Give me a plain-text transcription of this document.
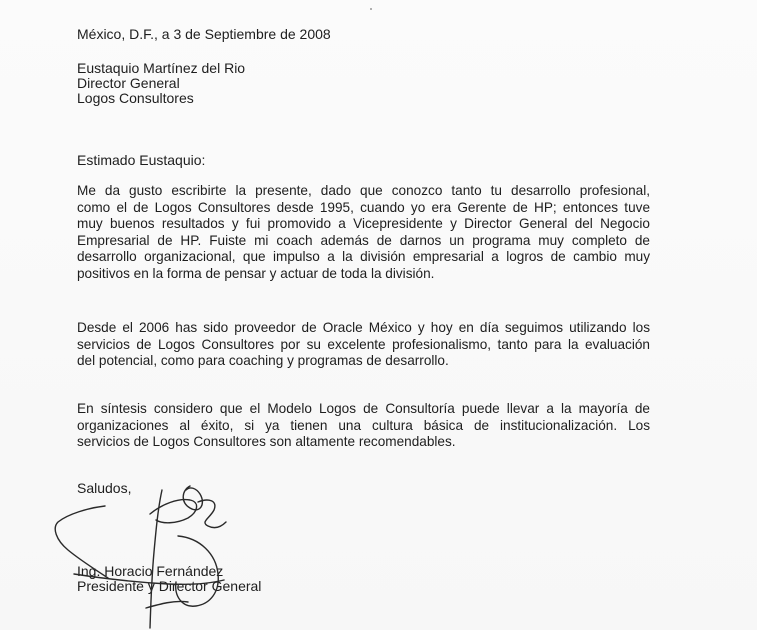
México, D.F., a 3 de Septiembre de 2008

Eustaquio Martínez del Rio

Director General

Logos Consultores

Estimado Eustaquio:

Me da gusto escribirte la presente, dado que conozco tanto tu desarrollo profesional,
como el de Logos Consultores desde 1995, cuando yo era Gerente de HP; entonces tuve
muy buenos resultados y fui promovido a Vicepresidente y Director General del Negocio
Empresarial de HP. Fuiste mi coach además de darnos un programa muy completo de
desarrollo organizacional, que impulso a la división empresarial a logros de cambio muy
positivos en la forma de pensar y actuar de toda la división.
Desde el 2006 has sido proveedor de Oracle México y hoy en día seguimos utilizando los
servicios de Logos Consultores por su excelente profesionalismo, tanto para la evaluación
del potencial, como para coaching y programas de desarrollo.
En síntesis considero que el Modelo Logos de Consultoría puede llevar a la mayoría de
organizaciones al éxito, si ya tienen una cultura básica de institucionalización. Los
servicios de Logos Consultores son altamente recomendables.

Saludos,

Ing. Horacio Fernández

Presidente y Director General
